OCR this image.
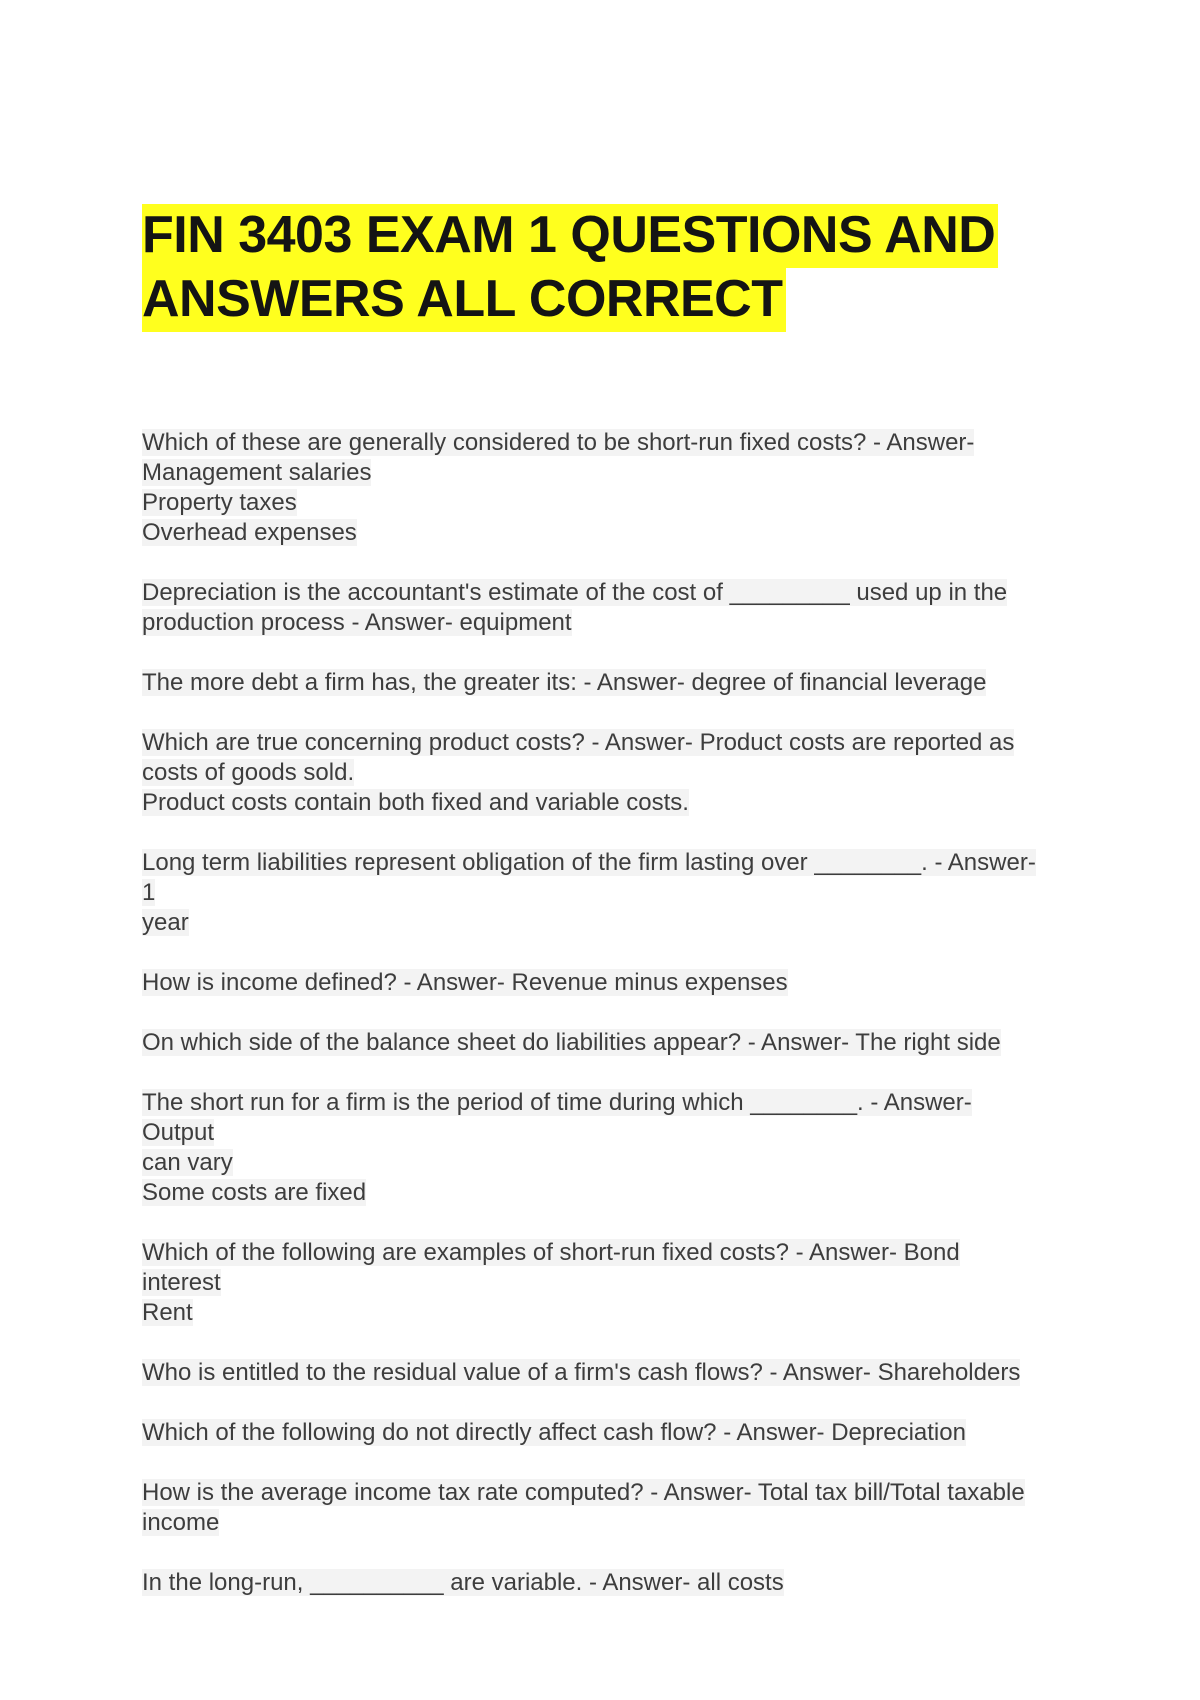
FIN 3403 EXAM 1 QUESTIONS AND
ANSWERS ALL CORRECT

Which of these are generally considered to be short-run fixed costs? - Answer-
Management salaries
Property taxes
Overhead expenses

Depreciation is the accountant's estimate of the cost of _________ used up in the
production process - Answer- equipment

The more debt a firm has, the greater its: - Answer- degree of financial leverage

Which are true concerning product costs? - Answer- Product costs are reported as
costs of goods sold.
Product costs contain both fixed and variable costs.

Long term liabilities represent obligation of the firm lasting over ________. - Answer- 1
year

How is income defined? - Answer- Revenue minus expenses

On which side of the balance sheet do liabilities appear? - Answer- The right side

The short run for a firm is the period of time during which ________. - Answer- Output
can vary
Some costs are fixed

Which of the following are examples of short-run fixed costs? - Answer- Bond interest
Rent

Who is entitled to the residual value of a firm's cash flows? - Answer- Shareholders

Which of the following do not directly affect cash flow? - Answer- Depreciation

How is the average income tax rate computed? - Answer- Total tax bill/Total taxable
income

In the long-run, __________ are variable. - Answer- all costs
